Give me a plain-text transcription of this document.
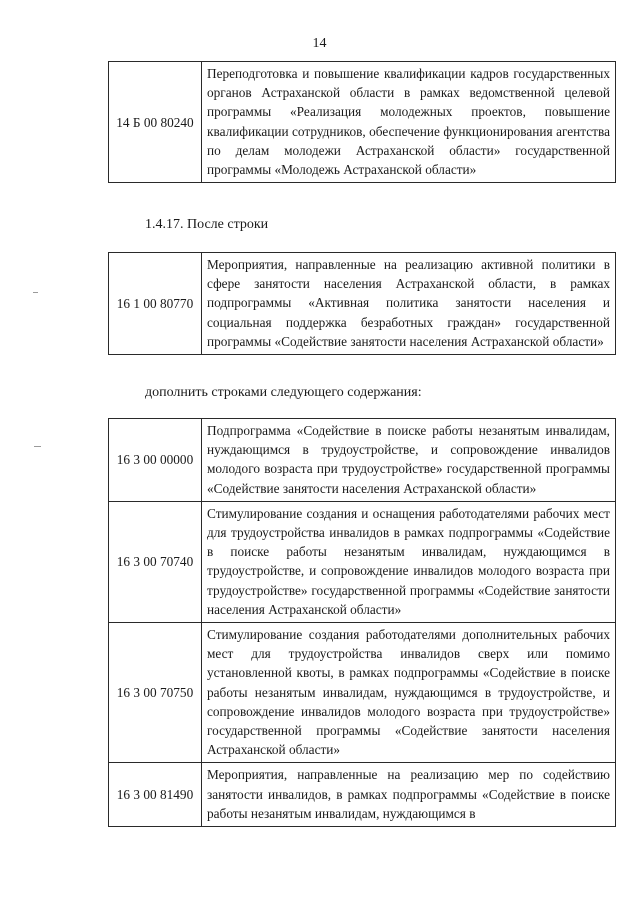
14
14 Б 00 80240	Переподготовка и повышение квалификации кадров государственных органов Астраханской области в рамках ведомственной целевой программы «Реализация молодежных проектов, повышение квалификации сотрудников, обеспечение функционирования агентства по делам молодежи Астраханской области» государственной программы «Молодежь Астраханской области»
1.4.17. После строки
16 1 00 80770	Мероприятия, направленные на реализацию активной политики в сфере занятости населения Астраханской области, в рамках подпрограммы «Активная политика занятости населения и социальная поддержка безработных граждан» государственной программы «Содействие занятости населения Астраханской области»
дополнить строками следующего содержания:
16 3 00 00000	Подпрограмма «Содействие в поиске работы незанятым инвалидам, нуждающимся в трудоустройстве, и сопровождение инвалидов молодого возраста при трудоустройстве» государственной программы «Содействие занятости населения Астраханской области»
16 3 00 70740	Стимулирование создания и оснащения работодателями рабочих мест для трудоустройства инвалидов в рамках подпрограммы «Содействие в поиске работы незанятым инвалидам, нуждающимся в трудоустройстве, и сопровождение инвалидов молодого возраста при трудоустройстве» государственной программы «Содействие занятости населения Астраханской области»
16 3 00 70750	Стимулирование создания работодателями дополнительных рабочих мест для трудоустройства инвалидов сверх или помимо установленной квоты, в рамках подпрограммы «Содействие в поиске работы незанятым инвалидам, нуждающимся в трудоустройстве, и сопровождение инвалидов молодого возраста при трудоустройстве» государственной программы «Содействие занятости населения Астраханской области»
16 3 00 81490	Мероприятия, направленные на реализацию мер по содействию занятости инвалидов, в рамках подпрограммы «Содействие в поиске работы незанятым инвалидам, нуждающимся в
